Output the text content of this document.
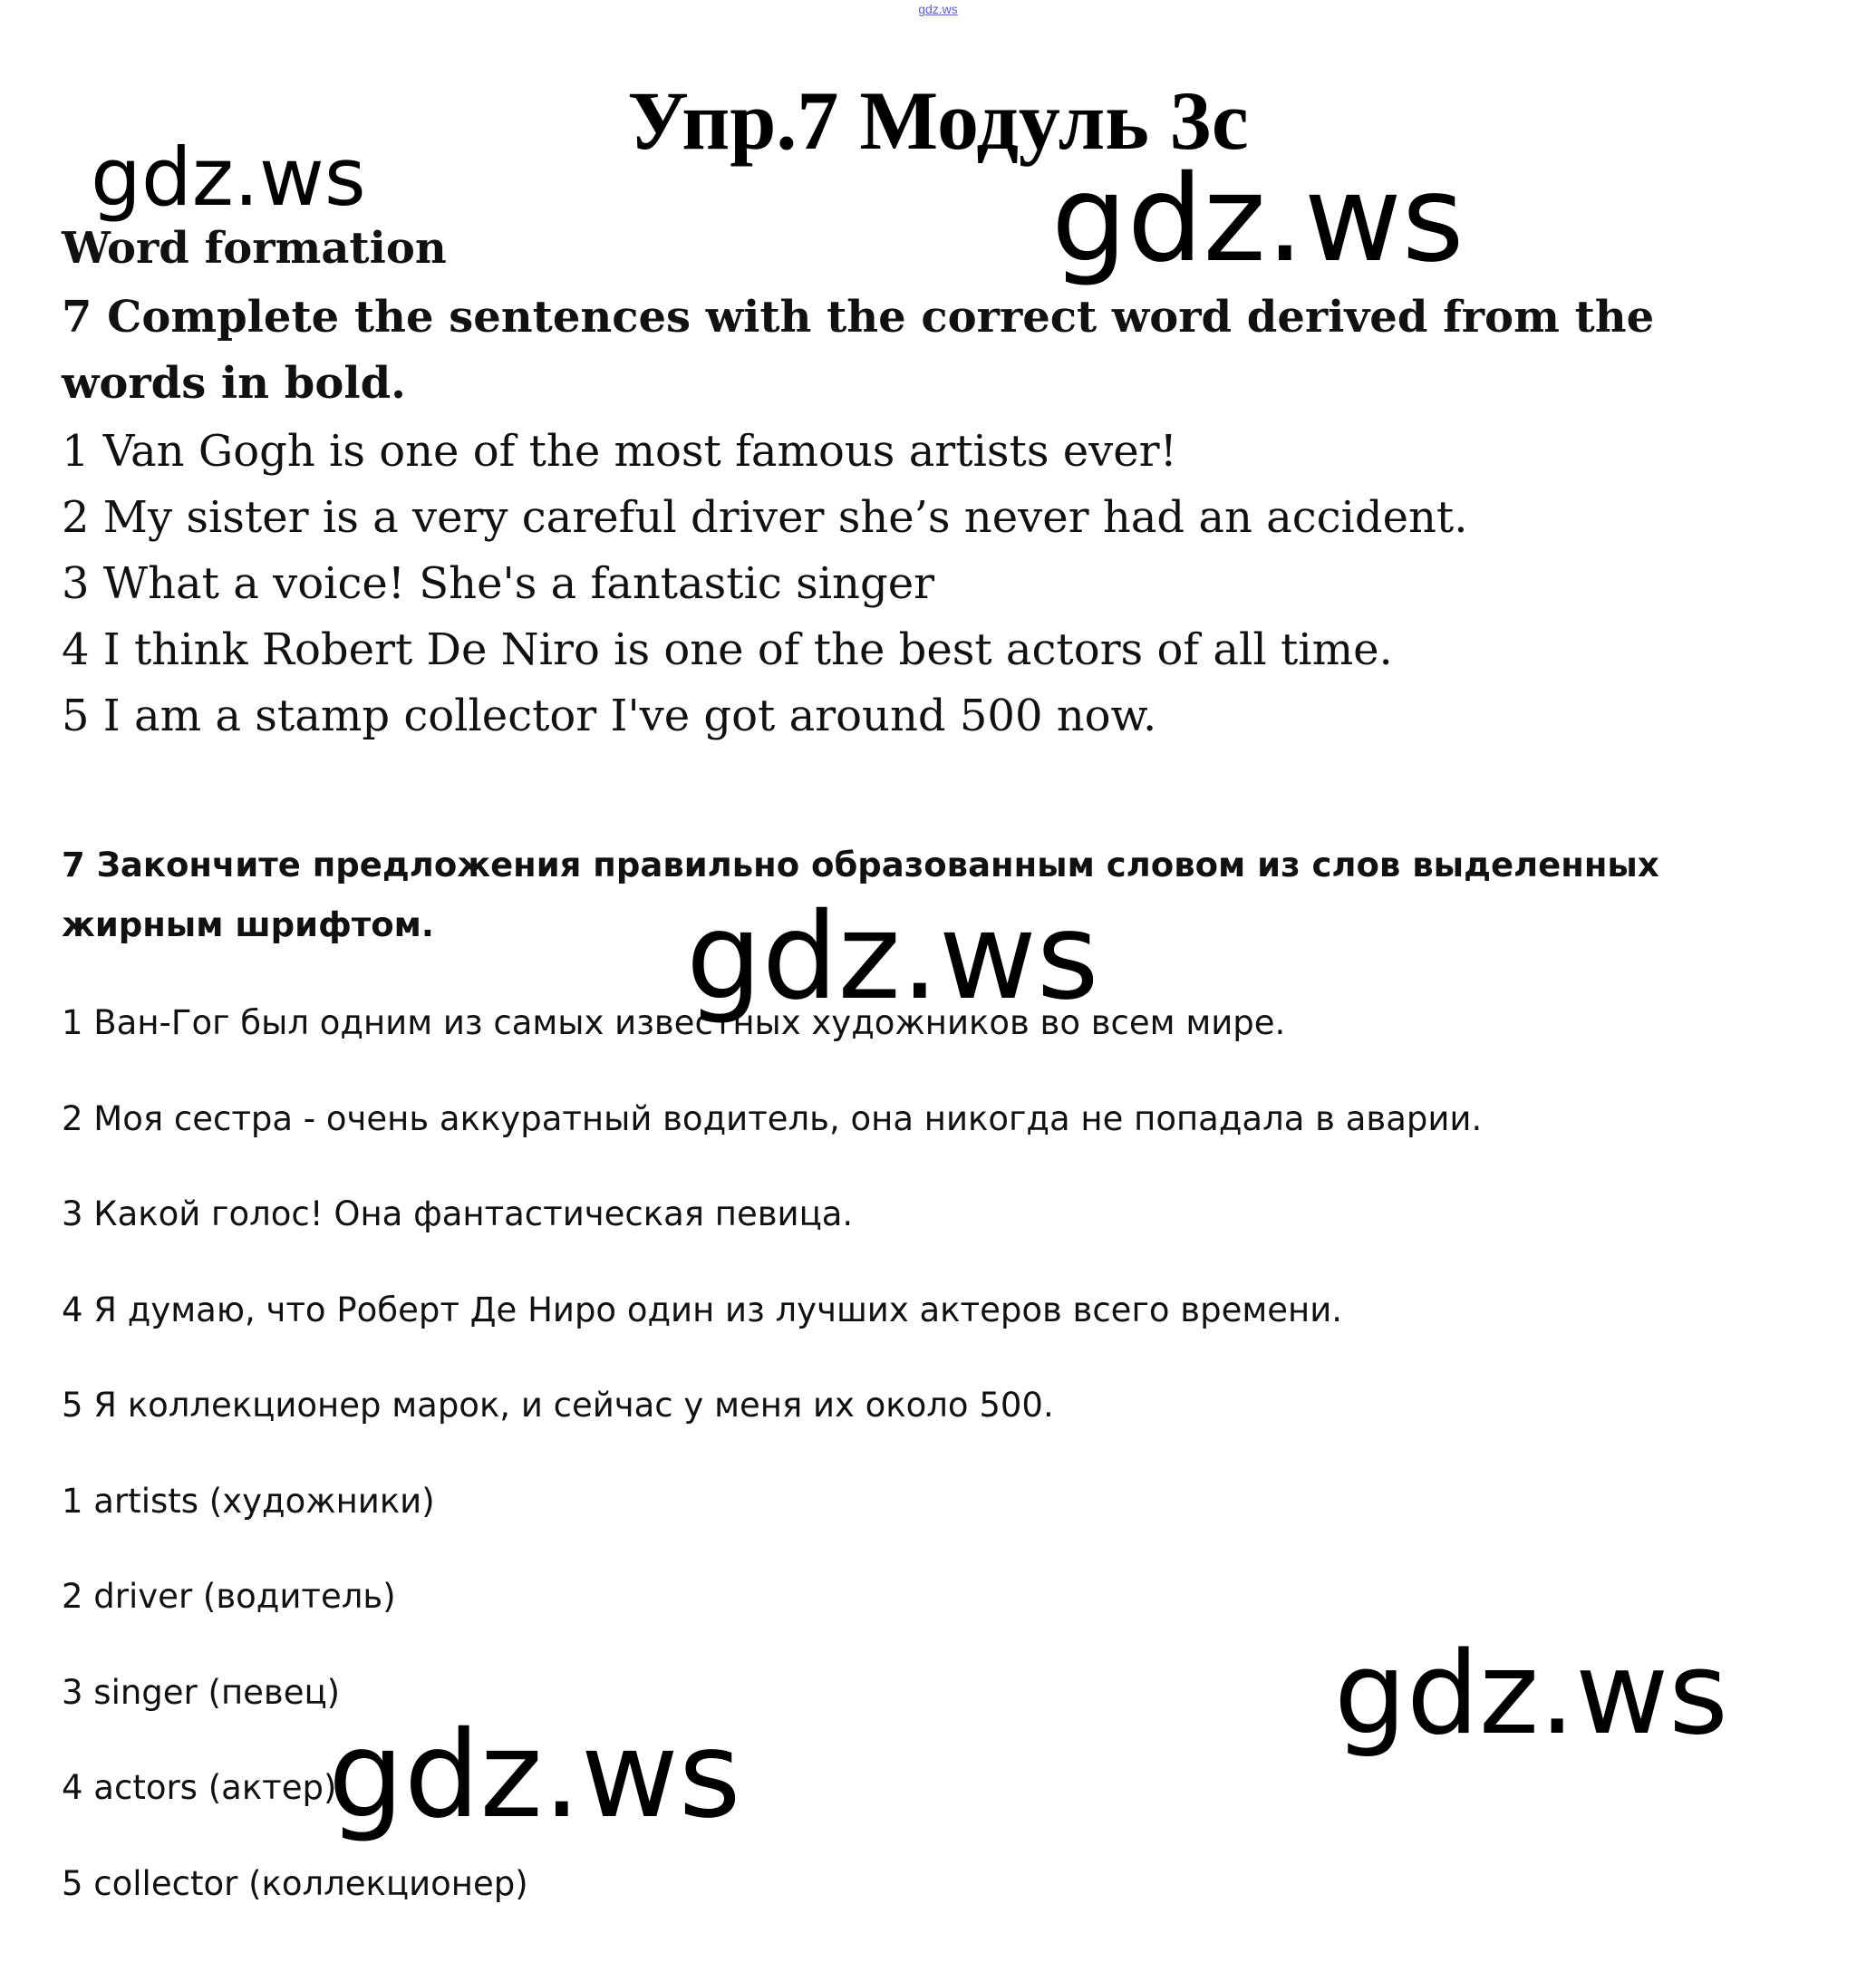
gdz.ws
Упр.7 Модуль 3с
Word formation
7 Complete the sentences with the correct word derived from the words in bold.
1 Van Gogh is one of the most famous artists ever!
2 My sister is a very careful driver she’s never had an accident.
3 What a voice! She's a fantastic singer
4 I think Robert De Niro is one of the best actors of all time.
5 I am a stamp collector I've got around 500 now.
7 Закончите предложения правильно образованным словом из слов выделенных жирным шрифтом.
1 Ван-Гог был одним из самых известных художников во всем мире.
2 Моя сестра - очень аккуратный водитель, она никогда не попадала в аварии.
3 Какой голос! Она фантастическая певица.
4 Я думаю, что Роберт Де Ниро один из лучших актеров всего времени.
5 Я коллекционер марок, и сейчас у меня их около 500.
1 artists (художники)
2 driver (водитель)
3 singer (певец)
4 actors (актер)
5 collector (коллекционер)
gdz.ws	gdz.ws
gdz.ws
gdz.ws
gdz.ws
